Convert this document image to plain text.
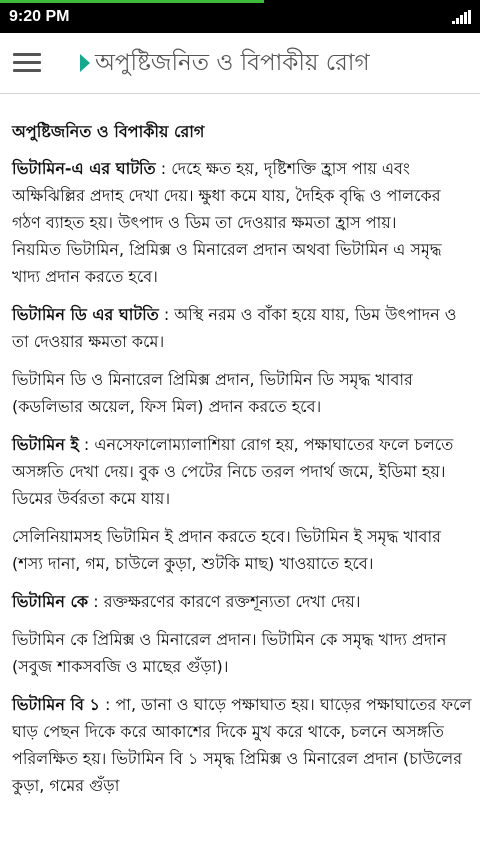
9:20 PM
অপুষ্টিজনিত ও বিপাকীয় রোগ
অপুষ্টিজনিত ও বিপাকীয় রোগ
ভিটামিন-এ এর ঘাটতি : দেহে ক্ষত হয়, দৃষ্টিশক্তি হ্রাস পায় এবং অক্ষিঝিল্লির প্রদাহ দেখা দেয়। ক্ষুধা কমে যায়, দৈহিক বৃদ্ধি ও পালকের গঠণ ব্যাহত হয়। উৎপাদ ও ডিম তা দেওয়ার ক্ষমতা হ্রাস পায়।
নিয়মিত ভিটামিন, প্রিমিক্স ও মিনারেল প্রদান অথবা ভিটামিন এ সমৃদ্ধ খাদ্য প্রদান করতে হবে।
ভিটামিন ডি এর ঘাটতি : অস্থি নরম ও বাঁকা হয়ে যায়, ডিম উৎপাদন ও তা দেওয়ার ক্ষমতা কমে।
ভিটামিন ডি ও মিনারেল প্রিমিক্স প্রদান, ভিটামিন ডি সমৃদ্ধ খাবার (কডলিভার অয়েল, ফিস মিল) প্রদান করতে হবে।
ভিটামিন ই : এনসেফালোম্যালাশিয়া রোগ হয়, পক্ষাঘাতের ফলে চলতে অসঙ্গতি দেখা দেয়। বুক ও পেটের নিচে তরল পদার্থ জমে, ইডিমা হয়। ডিমের উর্বরতা কমে যায়।
সেলিনিয়ামসহ ভিটামিন ই প্রদান করতে হবে। ভিটামিন ই সমৃদ্ধ খাবার (শস্য দানা, গম, চাউলে কুড়া, শুটকি মাছ) খাওয়াতে হবে।
ভিটামিন কে : রক্তক্ষরণের কারণে রক্তশূন্যতা দেখা দেয়।
ভিটামিন কে প্রিমিক্স ও মিনারেল প্রদান। ভিটামিন কে সমৃদ্ধ খাদ্য প্রদান (সবুজ শাকসবজি ও মাছের গুঁড়া)।
ভিটামিন বি ১ : পা, ডানা ও ঘাড়ে পক্ষাঘাত হয়। ঘাড়ের পক্ষাঘাতের ফলে ঘাড় পেছন দিকে করে আকাশের দিকে মুখ করে থাকে, চলনে অসঙ্গতি পরিলক্ষিত হয়। ভিটামিন বি ১ সমৃদ্ধ প্রিমিক্স ও মিনারেল প্রদান (চাউলের কুড়া, গমের গুঁড়া
